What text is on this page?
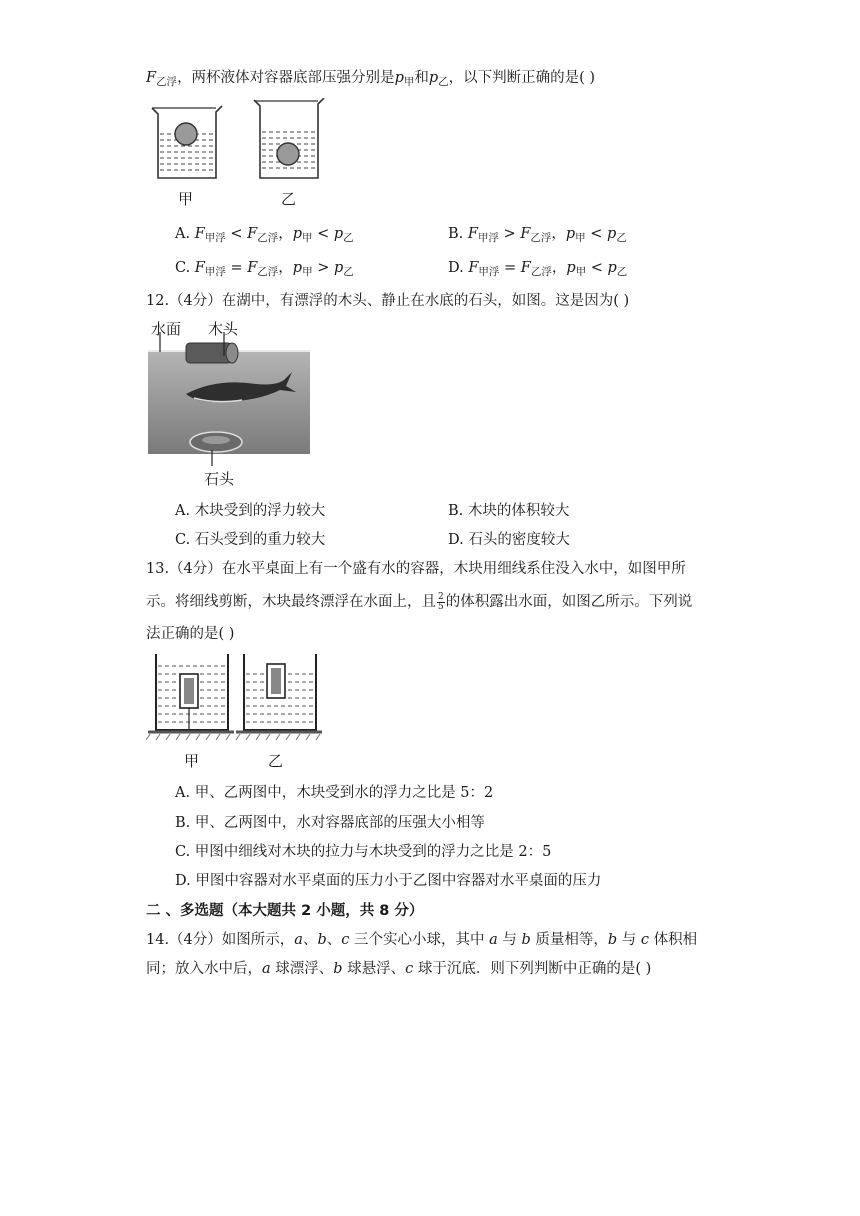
$F_{乙浮}$，两杯液体对容器底部压强分别是$p_甲$和$p_乙$，以下判断正确的是( )
甲	乙
A. $F_{甲浮} < F_{乙浮}$，$p_甲 < p_乙$	B. $F_{甲浮} > F_{乙浮}$，$p_甲 < p_乙$
C. $F_{甲浮} = F_{乙浮}$，$p_甲 > p_乙$	D. $F_{甲浮} = F_{乙浮}$，$p_甲 < p_乙$
12.（4分）在湖中，有漂浮的木头、静止在水底的石头，如图。这是因为( )
水面 木头
石头
A. 木块受到的浮力较大	B. 木块的体积较大
C. 石头受到的重力较大	D. 石头的密度较大
13.（4分）在水平桌面上有一个盛有水的容器，木块用细线系住没入水中，如图甲所
示。将细线剪断，木块最终漂浮在水面上，且 $\frac{2}{5}$ 的体积露出水面，如图乙所示。下列说
法正确的是( )
甲	乙
A. 甲、乙两图中，木块受到水的浮力之比是 5：2
B. 甲、乙两图中，水对容器底部的压强大小相等
C. 甲图中细线对木块的拉力与木块受到的浮力之比是 2：5
D. 甲图中容器对水平桌面的压力小于乙图中容器对水平桌面的压力
二 、多选题（本大题共 2 小题，共 8 分）
14.（4分）如图所示，a、b、c 三个实心小球，其中 a 与 b 质量相等，b 与 c 体积相
同；放入水中后，a 球漂浮、b 球悬浮、c 球于沉底．则下列判断中正确的是( )
